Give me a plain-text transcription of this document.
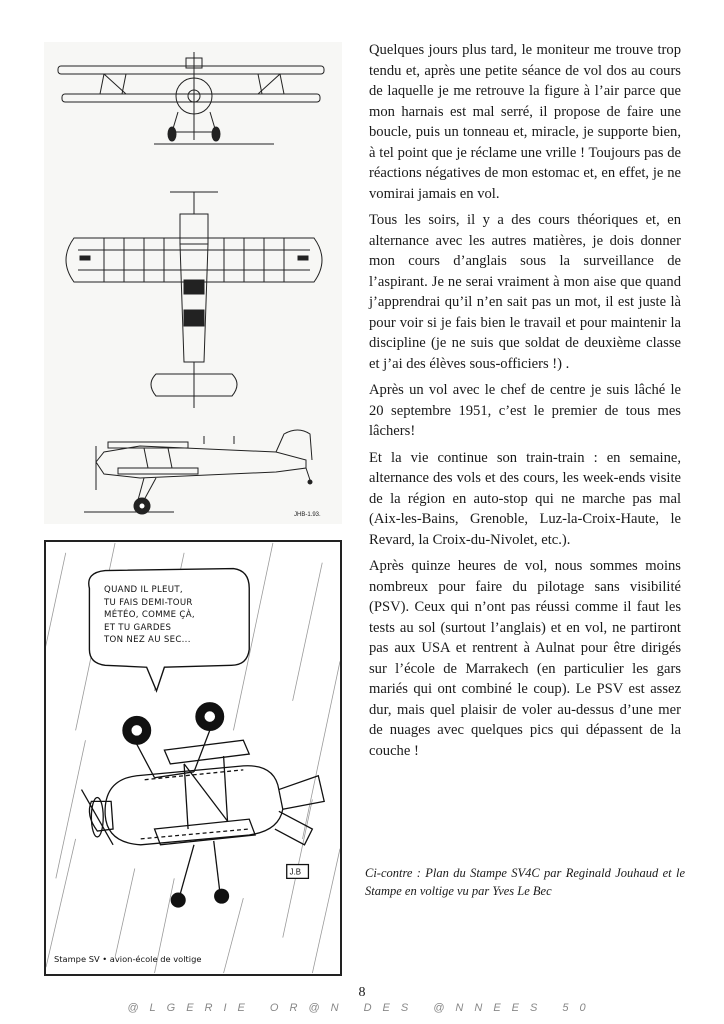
JHB-1.93.
J.B
QUAND IL PLEUT,
TU FAIS DEMI-TOUR
MÉTÉO, COMME ÇÀ,
ET TU GARDES
TON NEZ AU SEC...
Stampe SV • avion-école de voltige

Quelques jours plus tard, le moniteur me trouve trop tendu et, après une petite séance de vol dos au cours de laquelle je me retrouve la figure à l’air parce que mon harnais est mal serré, il propose de faire une boucle, puis un tonneau et, miracle, je supporte bien, à tel point que je réclame une vrille ! Toujours pas de réactions négatives de mon estomac et, en effet, je ne vomirai jamais en vol.

Tous les soirs, il y a des cours théoriques et, en alternance avec les autres matières, je dois donner mon cours d’anglais sous la surveillance de l’aspirant. Je ne serai vraiment à mon aise que quand j’apprendrai qu’il n’en sait pas un mot, il est juste là pour voir si je fais bien le travail et pour maintenir la discipline (je ne suis que soldat de deuxième classe et j’ai des élèves sous-officiers !) .

Après un vol avec le chef de centre je suis lâché le 20 septembre 1951, c’est le premier de tous mes lâchers!

Et la vie continue son train-train : en semaine, alternance des vols et des cours, les week-ends visite de la région en auto-stop qui ne marche pas mal (Aix-les-Bains, Grenoble, Luz-la-Croix-Haute, le Revard, la Croix-du-Nivolet, etc.).

Après quinze heures de vol, nous sommes moins nombreux pour faire du pilotage sans visibilité (PSV). Ceux qui n’ont pas réussi comme il faut les tests au sol (surtout l’anglais) et en vol, ne partiront pas aux USA et rentrent à Aulnat pour être dirigés sur l’école de Marrakech (en particulier les gars mariés qui ont combiné le coup). Le PSV est assez dur, mais quel plaisir de voler au-dessus d’une mer de nuages avec quelques pics qui dépassent de la couche !

Ci-contre : Plan du Stampe SV4C par Reginald Jouhaud et le Stampe en voltige vu par Yves Le Bec
8
@LGERIE OR@N DES @NNEES 50
